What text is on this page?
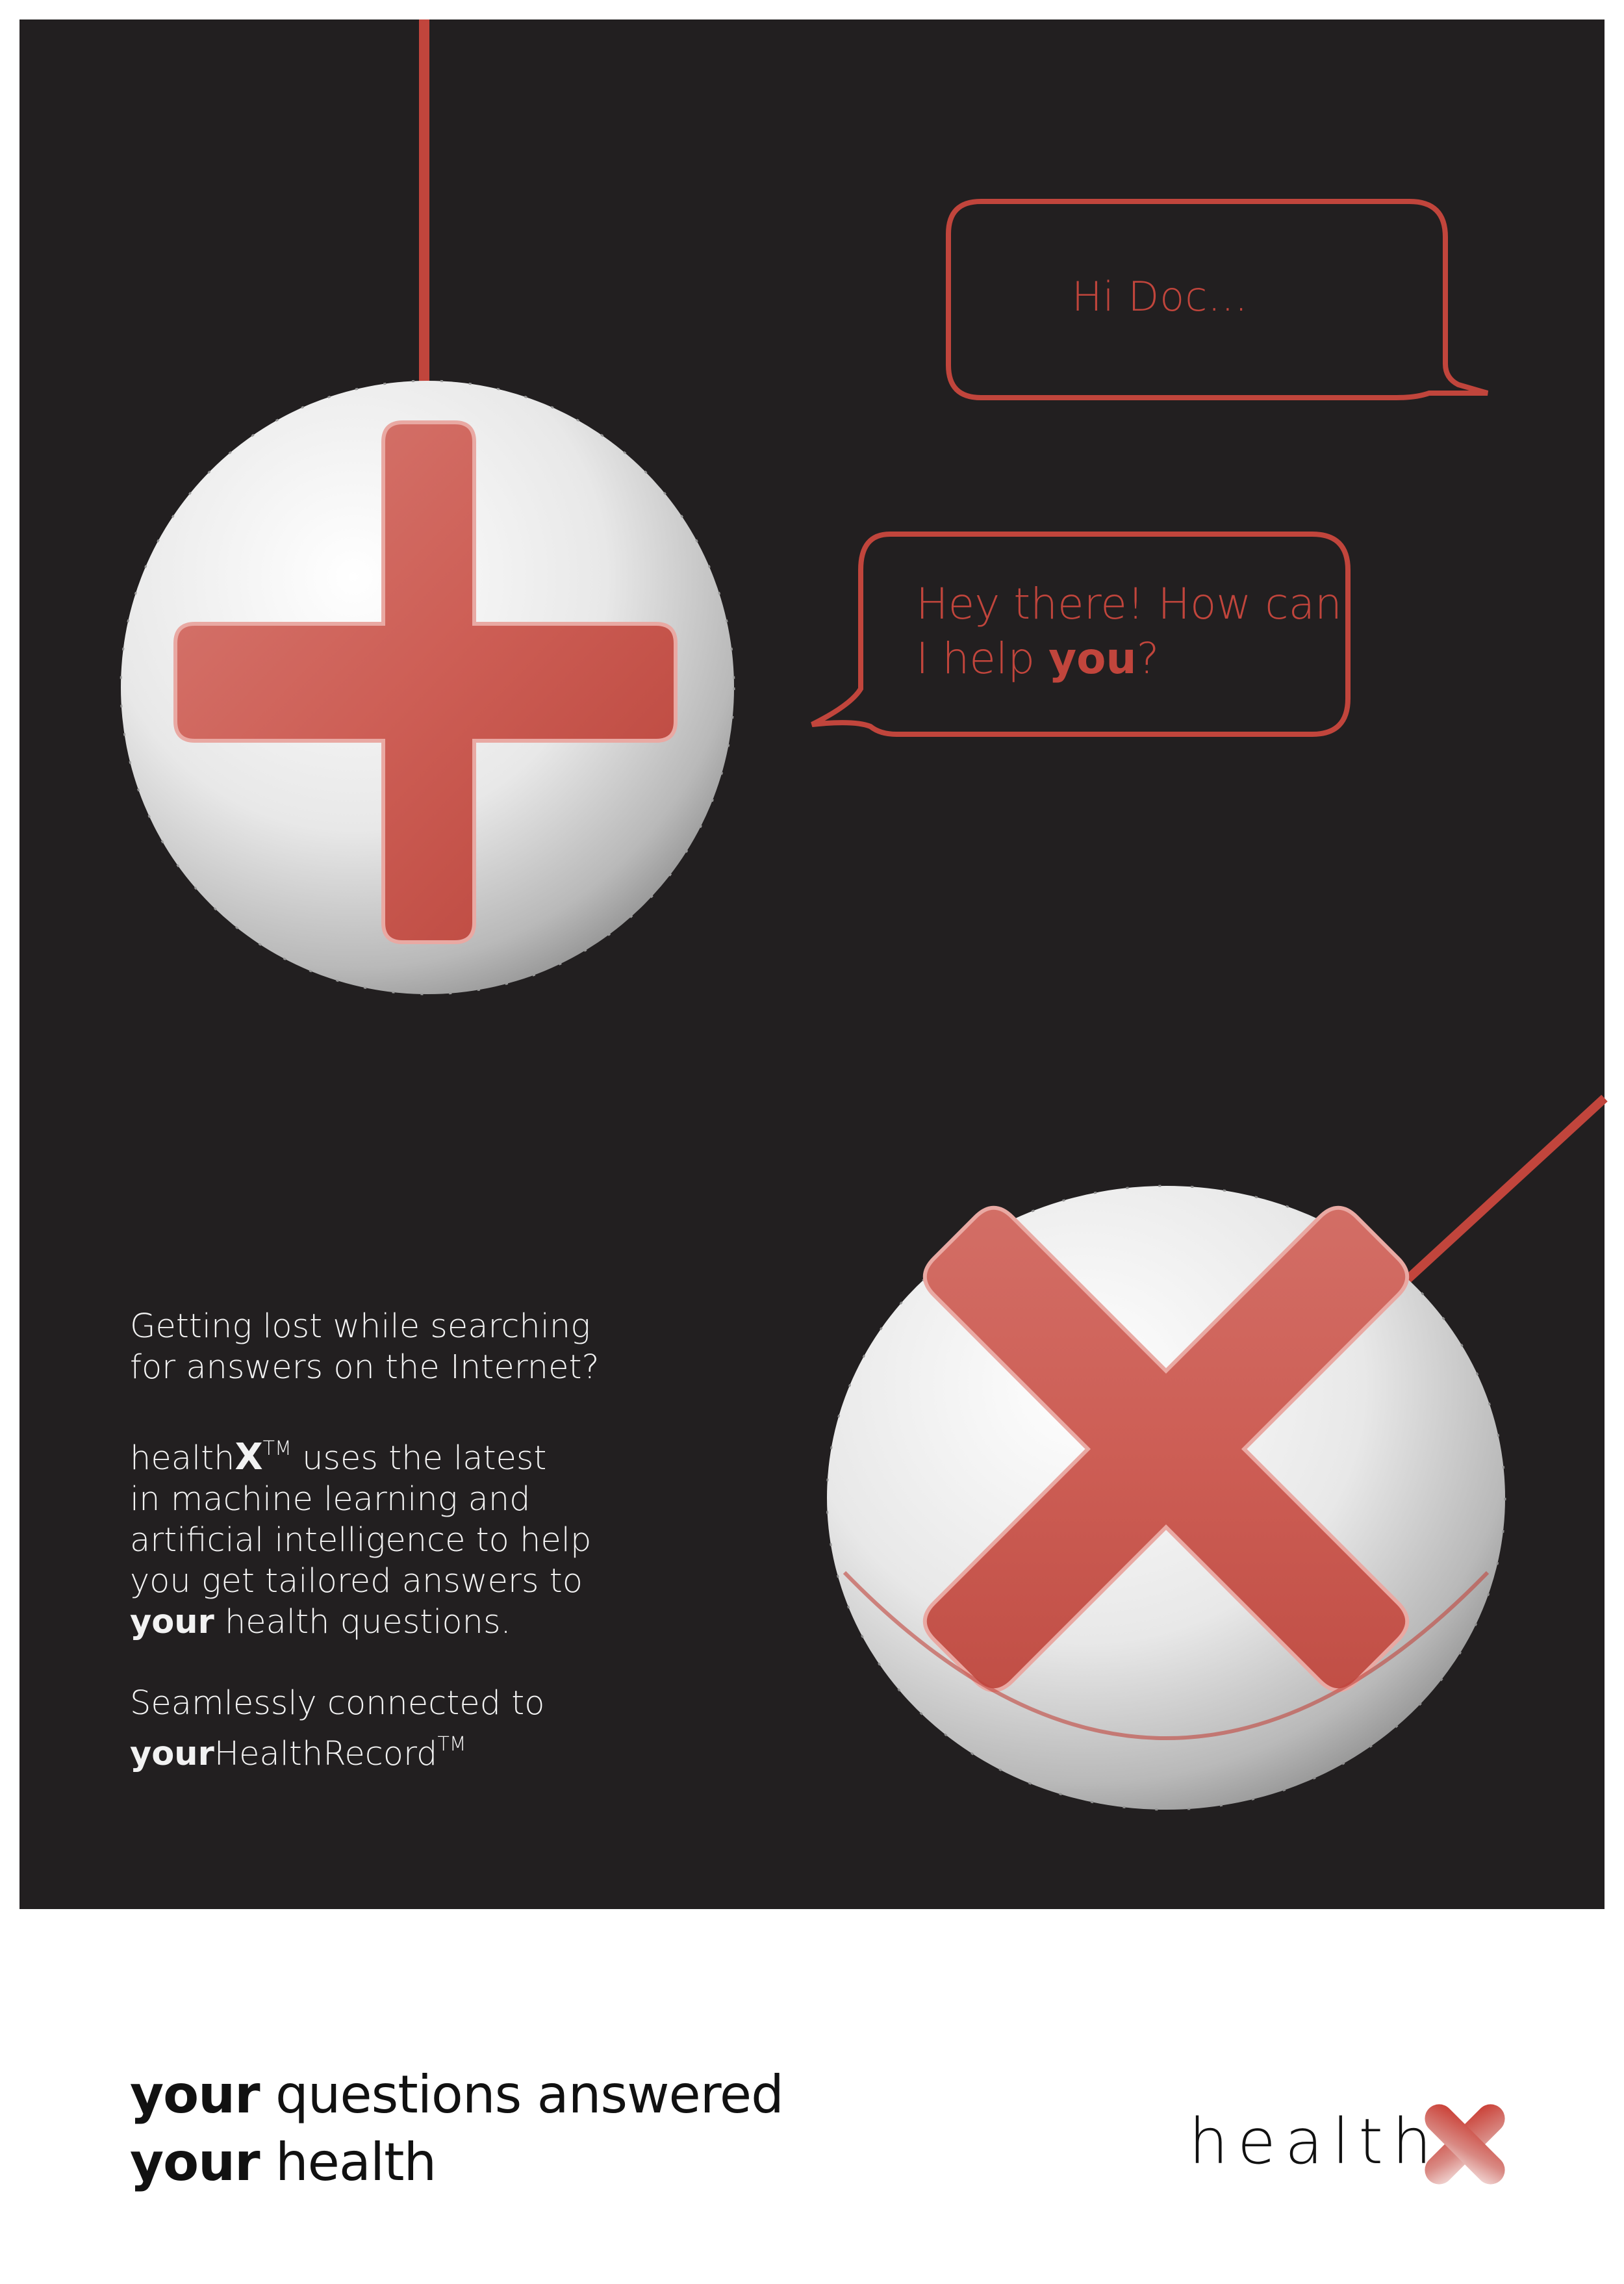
Hi Doc...
Hey there! How can
I help you?

Getting lost while searching
for answers on the Internet?

healthX™ uses the latest
in machine learning and
artificial intelligence to help
you get tailored answers to
your health questions.

Seamlessly connected to
yourHealthRecord™

your questions answered
your health	health
